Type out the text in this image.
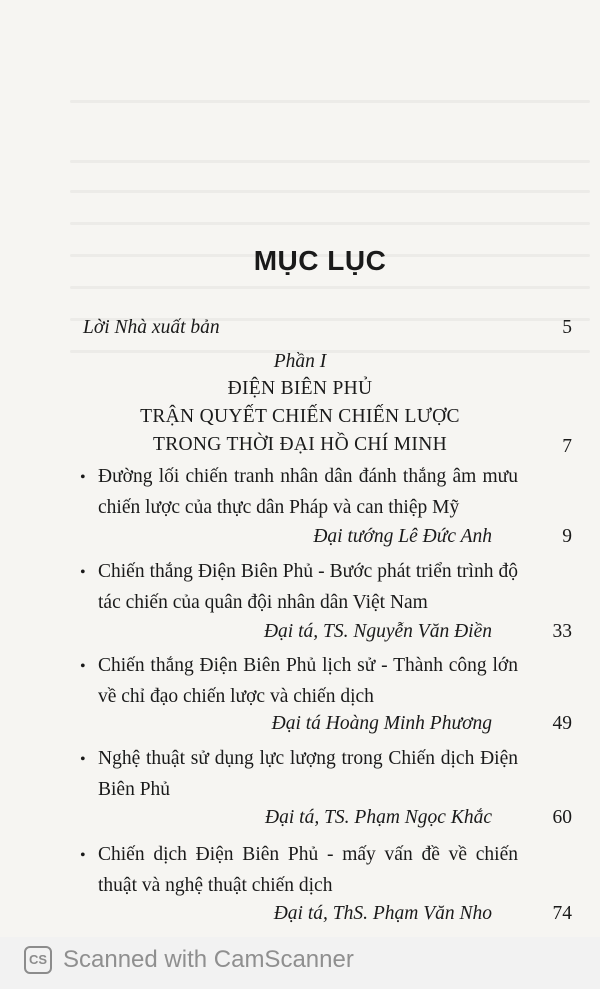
MỤC LỤC
Lời Nhà xuất bản	5
Phần I
ĐIỆN BIÊN PHỦ
TRẬN QUYẾT CHIẾN CHIẾN LƯỢC
TRONG THỜI ĐẠI HỒ CHÍ MINH	7
• Đường lối chiến tranh nhân dân đánh thắng âm mưu chiến lược của thực dân Pháp và can thiệp Mỹ
Đại tướng Lê Đức Anh	9
• Chiến thắng Điện Biên Phủ - Bước phát triển trình độ tác chiến của quân đội nhân dân Việt Nam
Đại tá, TS. Nguyễn Văn Điền	33
• Chiến thắng Điện Biên Phủ lịch sử - Thành công lớn về chỉ đạo chiến lược và chiến dịch
Đại tá Hoàng Minh Phương	49
• Nghệ thuật sử dụng lực lượng trong Chiến dịch Điện Biên Phủ
Đại tá, TS. Phạm Ngọc Khắc	60
• Chiến dịch Điện Biên Phủ - mấy vấn đề về chiến thuật và nghệ thuật chiến dịch
Đại tá, ThS. Phạm Văn Nho	74
CS Scanned with CamScanner
